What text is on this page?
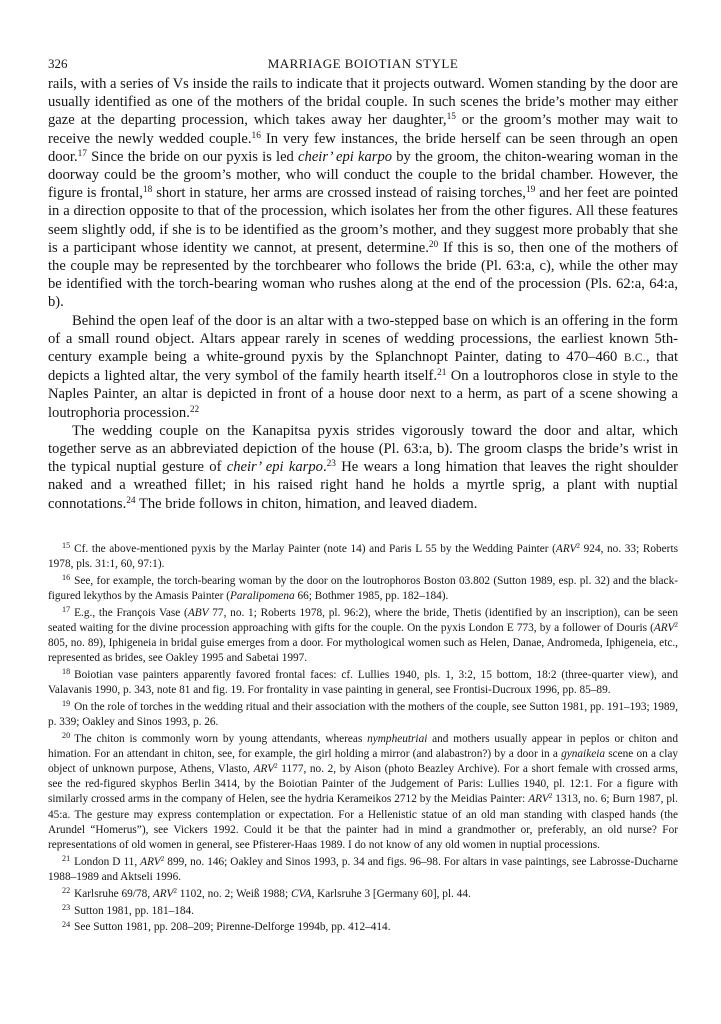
326	MARRIAGE BOIOTIAN STYLE

rails, with a series of Vs inside the rails to indicate that it projects outward. Women standing by the door are usually identified as one of the mothers of the bridal couple. In such scenes the bride’s mother may either gaze at the departing procession, which takes away her daughter,$^{15}$ or the groom’s mother may wait to receive the newly wedded couple.$^{16}$ In very few instances, the bride herself can be seen through an open door.$^{17}$ Since the bride on our pyxis is led cheir’ epi karpo by the groom, the chiton-wearing woman in the doorway could be the groom’s mother, who will conduct the couple to the bridal chamber. However, the figure is frontal,$^{18}$ short in stature, her arms are crossed instead of raising torches,$^{19}$ and her feet are pointed in a direction opposite to that of the procession, which isolates her from the other figures. All these features seem slightly odd, if she is to be identified as the groom’s mother, and they suggest more probably that she is a participant whose identity we cannot, at present, determine.$^{20}$ If this is so, then one of the mothers of the couple may be represented by the torchbearer who follows the bride (Pl. 63:a, c), while the other may be identified with the torch-bearing woman who rushes along at the end of the procession (Pls. 62:a, 64:a, b).

Behind the open leaf of the door is an altar with a two-stepped base on which is an offering in the form of a small round object. Altars appear rarely in scenes of wedding processions, the earliest known 5th-century example being a white-ground pyxis by the Splanchnopt Painter, dating to 470–460 B.C., that depicts a lighted altar, the very symbol of the family hearth itself.$^{21}$ On a loutrophoros close in style to the Naples Painter, an altar is depicted in front of a house door next to a herm, as part of a scene showing a loutrophoria procession.$^{22}$

The wedding couple on the Kanapitsa pyxis strides vigorously toward the door and altar, which together serve as an abbreviated depiction of the house (Pl. 63:a, b). The groom clasps the bride’s wrist in the typical nuptial gesture of cheir’ epi karpo.$^{23}$ He wears a long himation that leaves the right shoulder naked and a wreathed fillet; in his raised right hand he holds a myrtle sprig, a plant with nuptial connotations.$^{24}$ The bride follows in chiton, himation, and leaved diadem.

$^{15}$ Cf. the above-mentioned pyxis by the Marlay Painter (note 14) and Paris L 55 by the Wedding Painter (ARV$^2$ 924, no. 33; Roberts 1978, pls. 31:1, 60, 97:1).

$^{16}$ See, for example, the torch-bearing woman by the door on the loutrophoros Boston 03.802 (Sutton 1989, esp. pl. 32) and the black-figured lekythos by the Amasis Painter (Paralipomena 66; Bothmer 1985, pp. 182–184).

$^{17}$ E.g., the François Vase (ABV 77, no. 1; Roberts 1978, pl. 96:2), where the bride, Thetis (identified by an inscription), can be seen seated waiting for the divine procession approaching with gifts for the couple. On the pyxis London E 773, by a follower of Douris (ARV$^2$ 805, no. 89), Iphigeneia in bridal guise emerges from a door. For mythological women such as Helen, Danae, Andromeda, Iphigeneia, etc., represented as brides, see Oakley 1995 and Sabetai 1997.

$^{18}$ Boiotian vase painters apparently favored frontal faces: cf. Lullies 1940, pls. 1, 3:2, 15 bottom, 18:2 (three-quarter view), and Valavanis 1990, p. 343, note 81 and fig. 19. For frontality in vase painting in general, see Frontisi-Ducroux 1996, pp. 85–89.

$^{19}$ On the role of torches in the wedding ritual and their association with the mothers of the couple, see Sutton 1981, pp. 191–193; 1989, p. 339; Oakley and Sinos 1993, p. 26.

$^{20}$ The chiton is commonly worn by young attendants, whereas nympheutriai and mothers usually appear in peplos or chiton and himation. For an attendant in chiton, see, for example, the girl holding a mirror (and alabastron?) by a door in a gynaikeia scene on a clay object of unknown purpose, Athens, Vlasto, ARV$^2$ 1177, no. 2, by Aison (photo Beazley Archive). For a short female with crossed arms, see the red-figured skyphos Berlin 3414, by the Boiotian Painter of the Judgement of Paris: Lullies 1940, pl. 12:1. For a figure with similarly crossed arms in the company of Helen, see the hydria Kerameikos 2712 by the Meidias Painter: ARV$^2$ 1313, no. 6; Burn 1987, pl. 45:a. The gesture may express contemplation or expectation. For a Hellenistic statue of an old man standing with clasped hands (the Arundel “Homerus”), see Vickers 1992. Could it be that the painter had in mind a grandmother or, preferably, an old nurse? For representations of old women in general, see Pfisterer-Haas 1989. I do not know of any old women in nuptial processions.

$^{21}$ London D 11, ARV$^2$ 899, no. 146; Oakley and Sinos 1993, p. 34 and figs. 96–98. For altars in vase paintings, see Labrosse-Ducharne 1988–1989 and Aktseli 1996.

$^{22}$ Karlsruhe 69/78, ARV$^2$ 1102, no. 2; Weiß 1988; CVA, Karlsruhe 3 [Germany 60], pl. 44.

$^{23}$ Sutton 1981, pp. 181–184.

$^{24}$ See Sutton 1981, pp. 208–209; Pirenne-Delforge 1994b, pp. 412–414.
